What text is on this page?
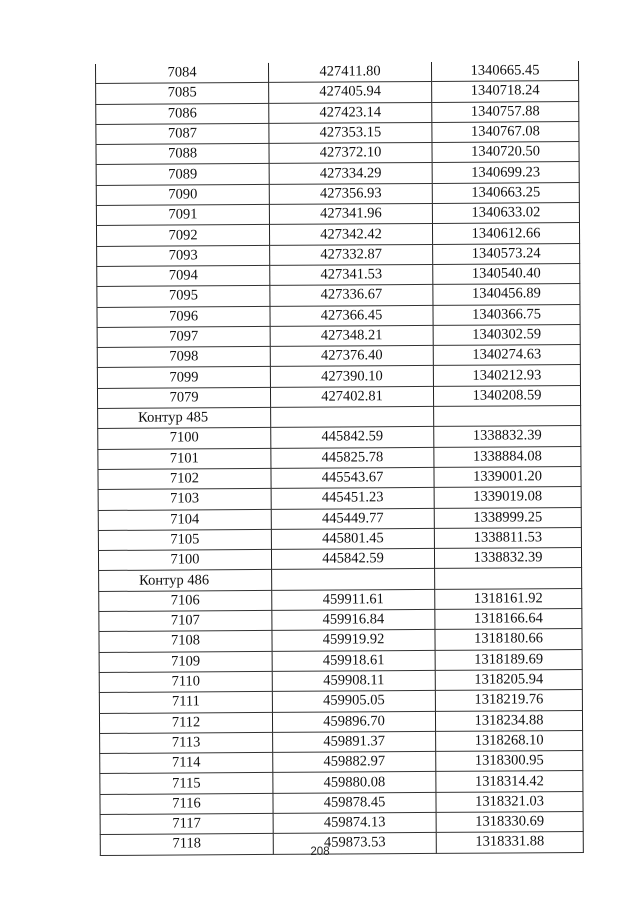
7084	427411.80	1340665.45
7085	427405.94	1340718.24
7086	427423.14	1340757.88
7087	427353.15	1340767.08
7088	427372.10	1340720.50
7089	427334.29	1340699.23
7090	427356.93	1340663.25
7091	427341.96	1340633.02
7092	427342.42	1340612.66
7093	427332.87	1340573.24
7094	427341.53	1340540.40
7095	427336.67	1340456.89
7096	427366.45	1340366.75
7097	427348.21	1340302.59
7098	427376.40	1340274.63
7099	427390.10	1340212.93
7079	427402.81	1340208.59
Контур 485		
7100	445842.59	1338832.39
7101	445825.78	1338884.08
7102	445543.67	1339001.20
7103	445451.23	1339019.08
7104	445449.77	1338999.25
7105	445801.45	1338811.53
7100	445842.59	1338832.39
Контур 486		
7106	459911.61	1318161.92
7107	459916.84	1318166.64
7108	459919.92	1318180.66
7109	459918.61	1318189.69
7110	459908.11	1318205.94
7111	459905.05	1318219.76
7112	459896.70	1318234.88
7113	459891.37	1318268.10
7114	459882.97	1318300.95
7115	459880.08	1318314.42
7116	459878.45	1318321.03
7117	459874.13	1318330.69
7118	459873.53	1318331.88
208
